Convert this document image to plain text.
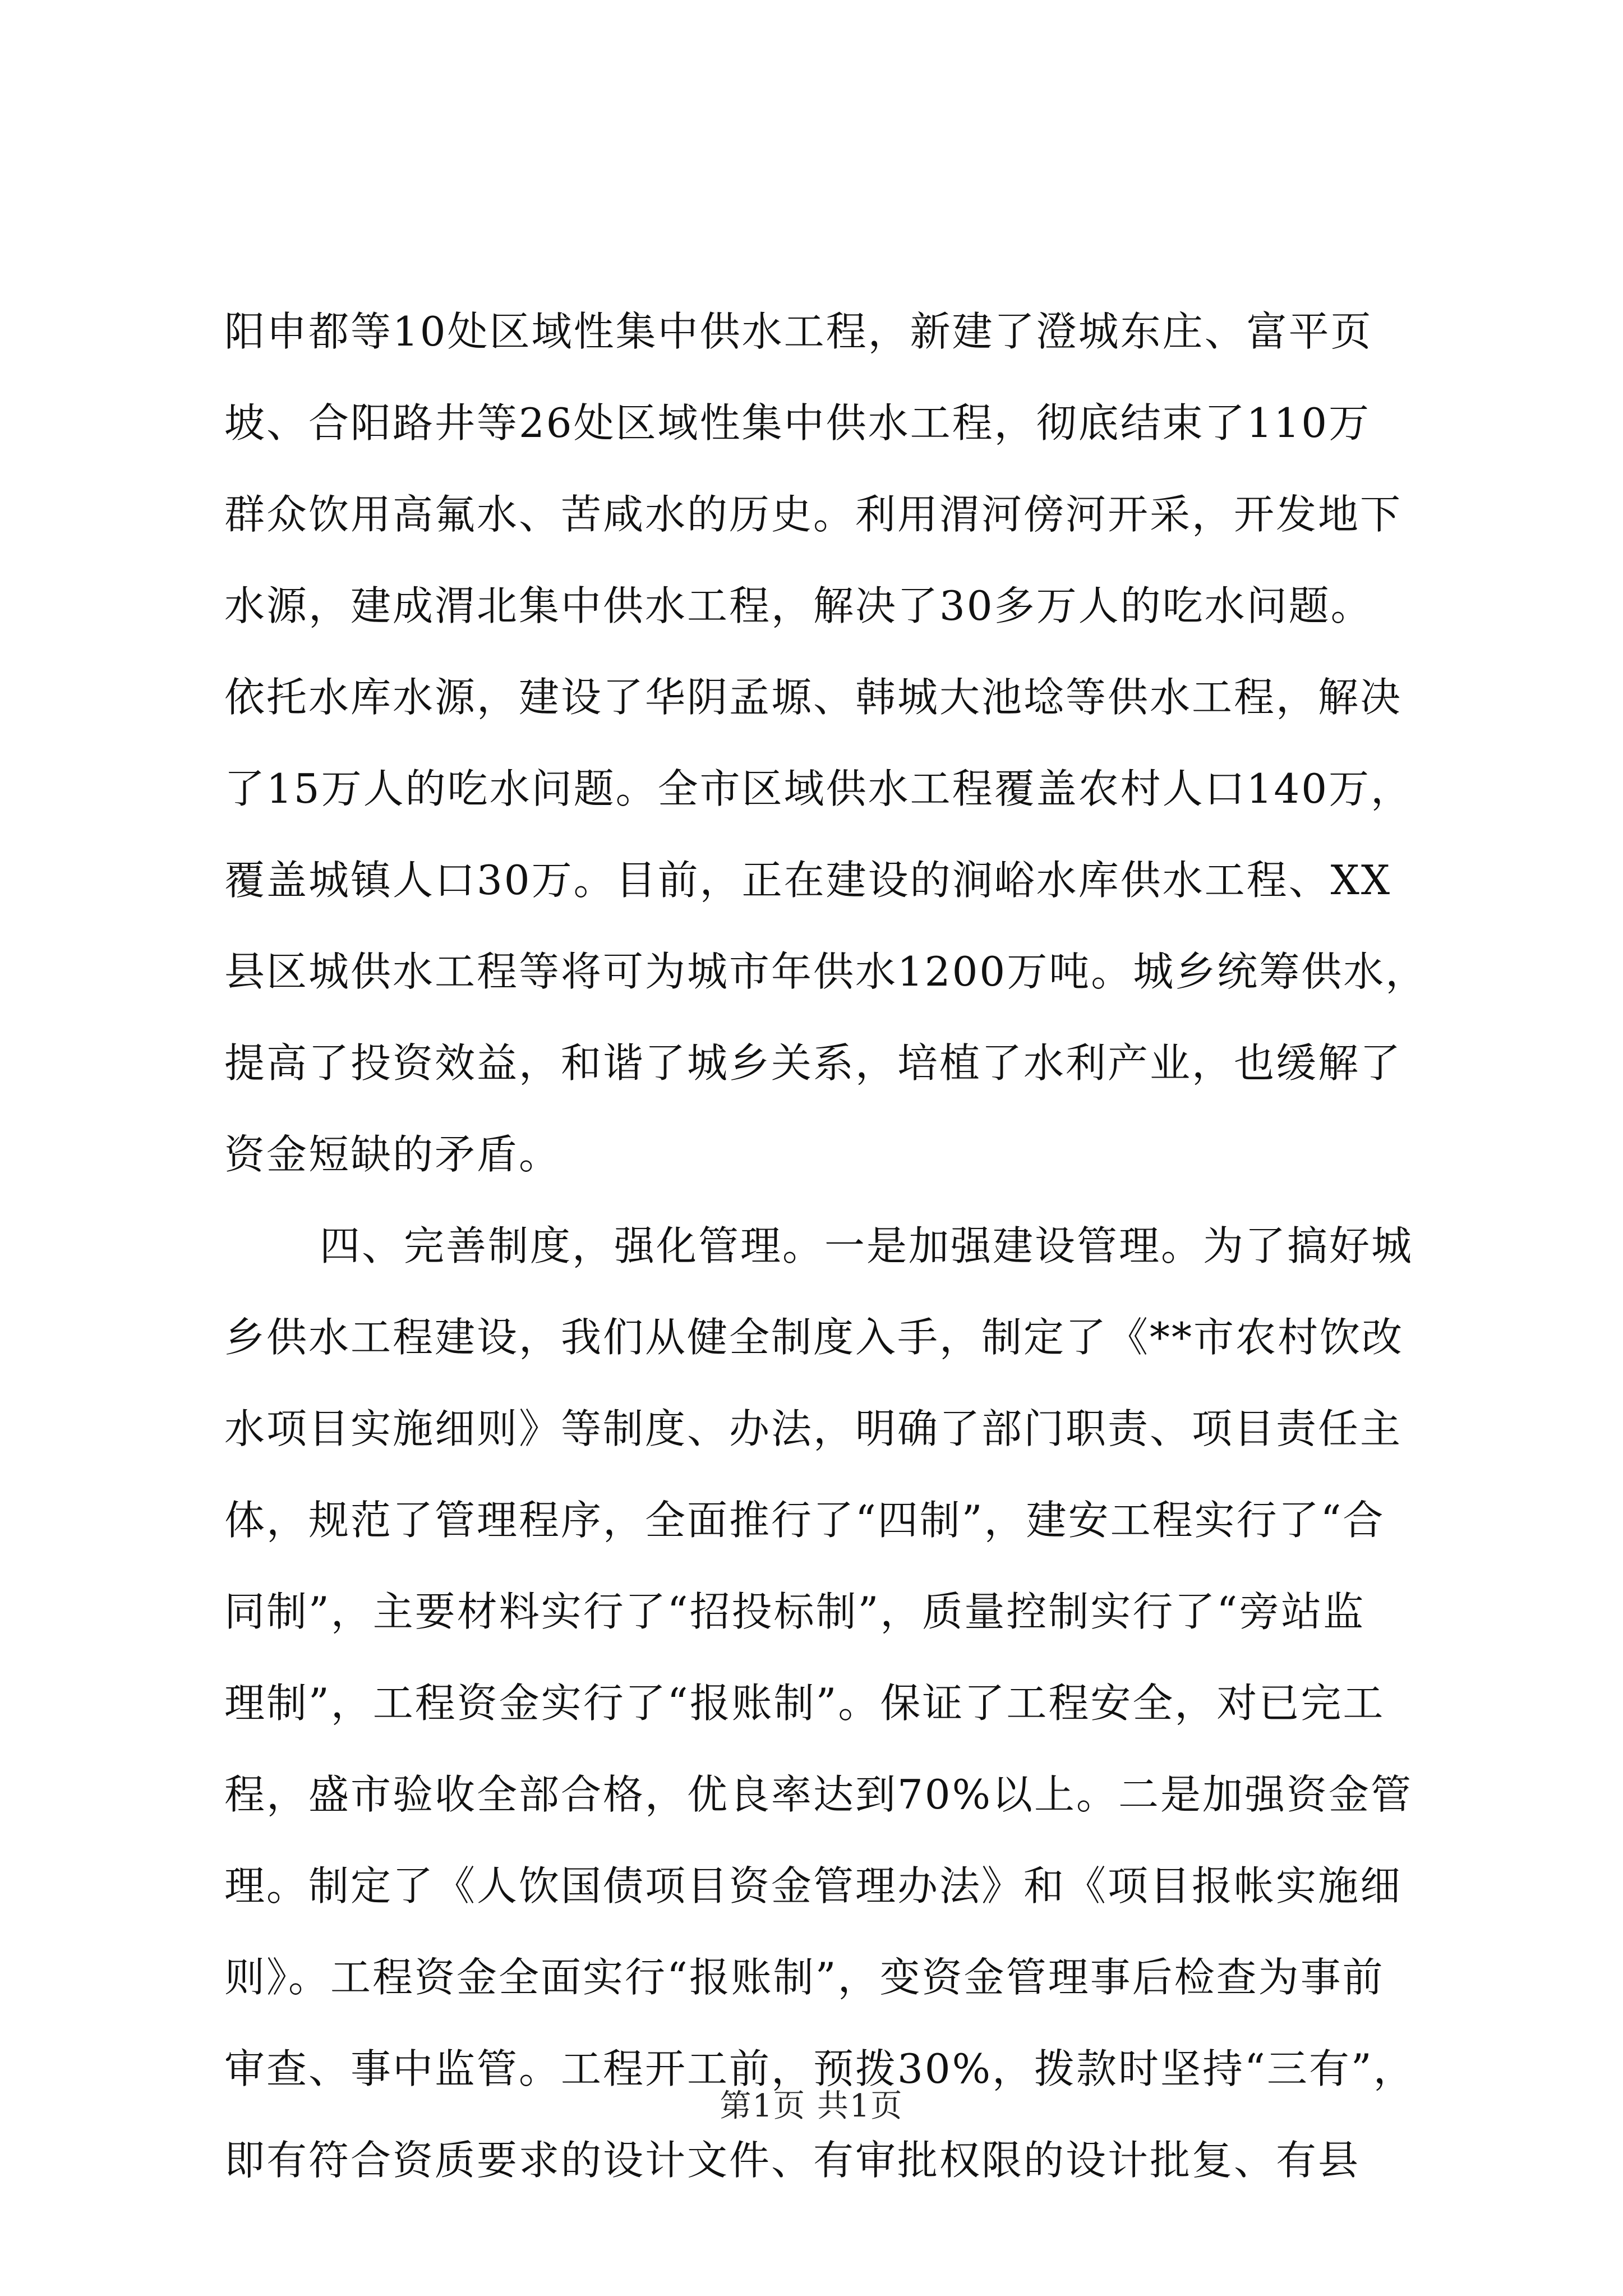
阳申都等10处区域性集中供水工程，新建了澄城东庄、富平页
坡、合阳路井等26处区域性集中供水工程，彻底结束了110万
群众饮用高氟水、苦咸水的历史。利用渭河傍河开采，开发地下
水源，建成渭北集中供水工程，解决了30多万人的吃水问题。
依托水库水源，建设了华阴孟塬、韩城大池埝等供水工程，解决
了15万人的吃水问题。全市区域供水工程覆盖农村人口140万，
覆盖城镇人口30万。目前，正在建设的涧峪水库供水工程、XX
县区城供水工程等将可为城市年供水1200万吨。城乡统筹供水，
提高了投资效益，和谐了城乡关系，培植了水利产业，也缓解了
资金短缺的矛盾。
四、完善制度，强化管理。一是加强建设管理。为了搞好城
乡供水工程建设，我们从健全制度入手，制定了《**市农村饮改
水项目实施细则》等制度、办法，明确了部门职责、项目责任主
体，规范了管理程序，全面推行了“四制”，建安工程实行了“合
同制”，主要材料实行了“招投标制”，质量控制实行了“旁站监
理制”，工程资金实行了“报账制”。保证了工程安全，对已完工
程，盛市验收全部合格，优良率达到70%以上。二是加强资金管
理。制定了《人饮国债项目资金管理办法》和《项目报帐实施细
则》。工程资金全面实行“报账制”，变资金管理事后检查为事前
审查、事中监管。工程开工前，预拨30%，拨款时坚持“三有”，
即有符合资质要求的设计文件、有审批权限的设计批复、有县
第1页 共1页
